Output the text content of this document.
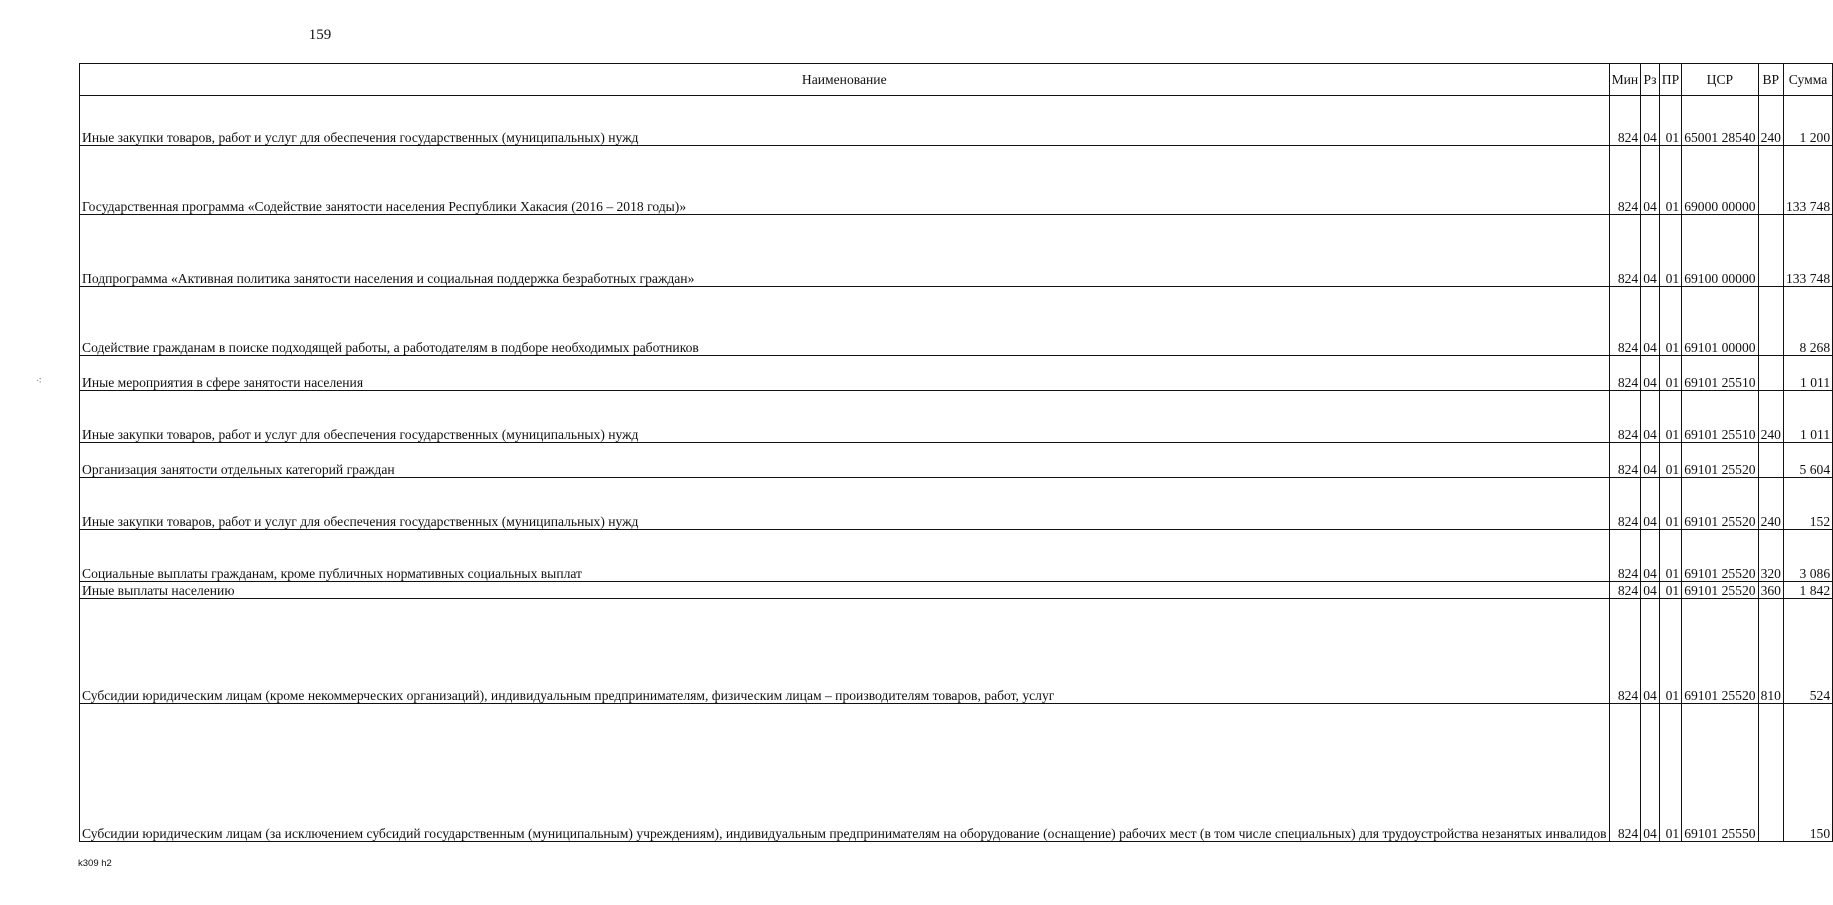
159
⁖
Наименование	Мин	Рз	ПР	ЦСР	ВР	Сумма
Иные закупки товаров, работ и услуг для обеспечения государственных (муниципальных) нужд	824	04	01	65001 28540	240	1 200
Государственная программа «Содействие занятости населения Республики Хакасия (2016 – 2018 годы)»	824	04	01	69000 00000		133 748
Подпрограмма «Активная политика занятости населения и социальная поддержка безработных граждан»	824	04	01	69100 00000		133 748
Содействие гражданам в поиске подходящей работы, а работодателям в подборе необходимых работников	824	04	01	69101 00000		8 268
Иные мероприятия в сфере занятости населения	824	04	01	69101 25510		1 011
Иные закупки товаров, работ и услуг для обеспечения государственных (муниципальных) нужд	824	04	01	69101 25510	240	1 011
Организация занятости отдельных категорий граждан	824	04	01	69101 25520		5 604
Иные закупки товаров, работ и услуг для обеспечения государственных (муниципальных) нужд	824	04	01	69101 25520	240	152
Социальные выплаты гражданам, кроме публичных нормативных социальных выплат	824	04	01	69101 25520	320	3 086
Иные выплаты населению	824	04	01	69101 25520	360	1 842
Субсидии юридическим лицам (кроме некоммерческих организаций), индивидуальным предпринимателям, физическим лицам – производителям товаров, работ, услуг	824	04	01	69101 25520	810	524
Субсидии юридическим лицам (за исключением субсидий государственным (муниципальным) учреждениям), индивидуальным предпринимателям на оборудование (оснащение) рабочих мест (в том числе специальных) для трудоустройства незанятых инвалидов	824	04	01	69101 25550		150
k309 h2
